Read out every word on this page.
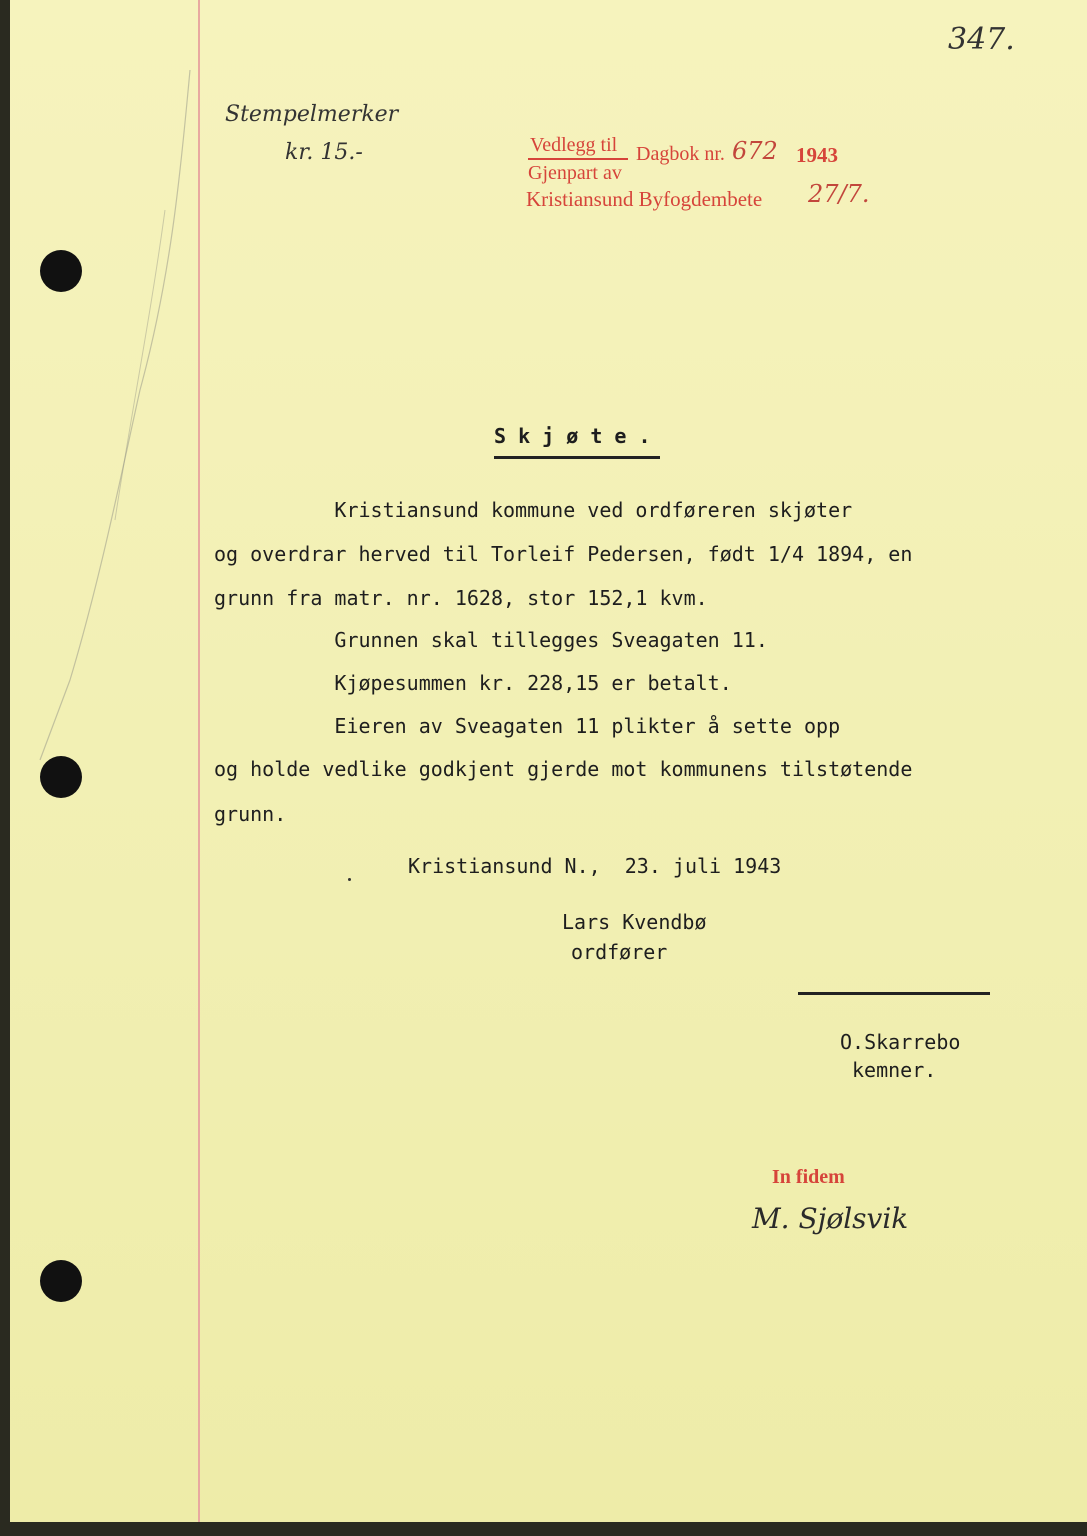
347.
Stempelmerker
kr. 15.-	Vedlegg til Dagbok nr. 672 1943
Gjenpart av
Kristiansund Byfogdembete 27/7.
S k j ø t e .
Kristiansund kommune ved ordføreren skjøter
og overdrar herved til Torleif Pedersen, født 1/4 1894, en
grunn fra matr. nr. 1628, stor 152,1 kvm.
Grunnen skal tillegges Sveagaten 11.
Kjøpesummen kr. 228,15 er betalt.
Eieren av Sveagaten 11 plikter å sette opp
og holde vedlike godkjent gjerde mot kommunens tilstøtende
grunn.
Kristiansund N.,  23. juli 1943
Lars Kvendbø
ordfører
O.Skarrebo
kemner.
In fidem
M. Sjølsvik
